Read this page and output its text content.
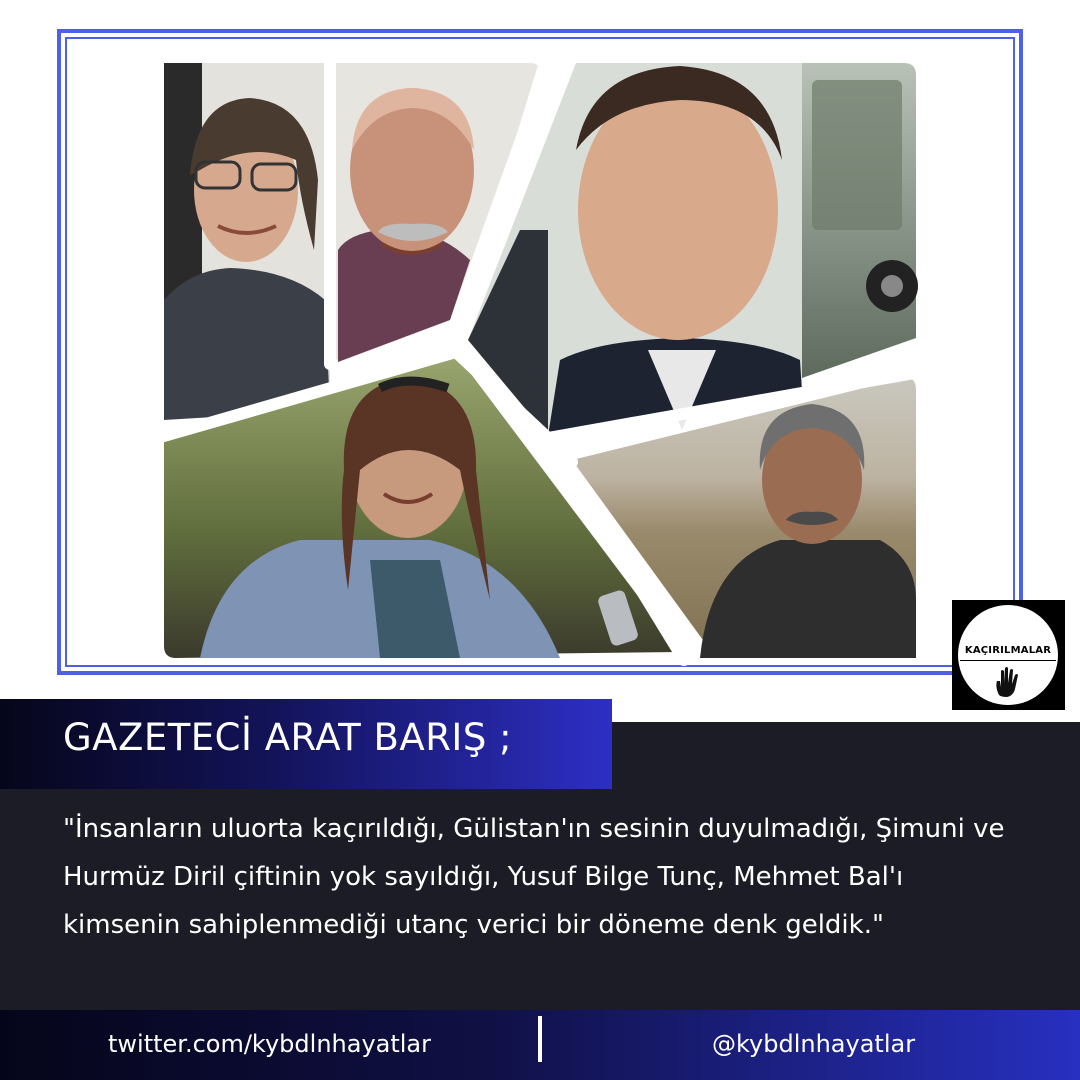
KAÇIRILMALAR
GAZETECİ ARAT BARIŞ ;

"İnsanların uluorta kaçırıldığı, Gülistan'ın sesinin duyulmadığı, Şimuni ve Hurmüz Diril çiftinin yok sayıldığı, Yusuf Bilge Tunç, Mehmet Bal'ı kimsenin sahiplenmediği utanç verici bir döneme denk geldik."

twitter.com/kybdlnhayatlar	@kybdlnhayatlar
